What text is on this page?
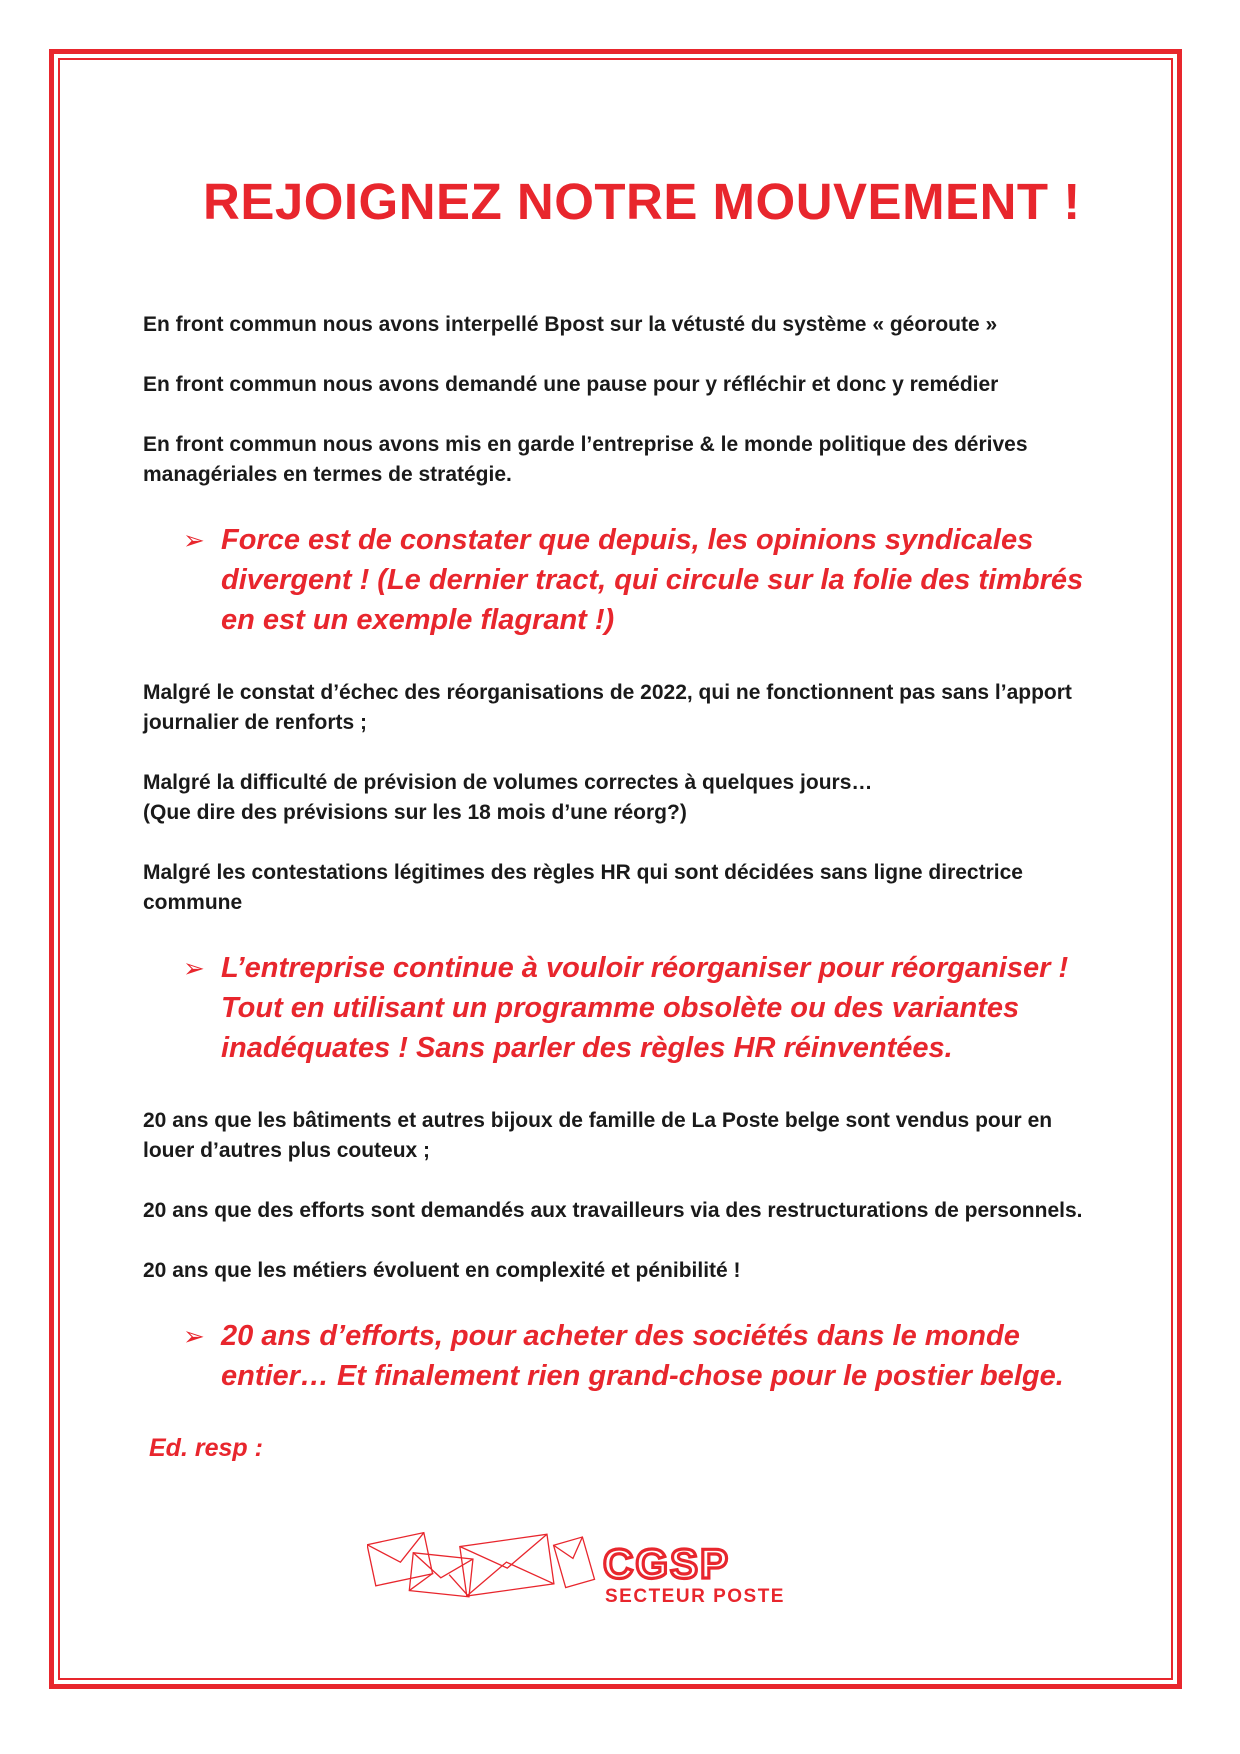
REJOIGNEZ NOTRE MOUVEMENT !

En front commun nous avons interpellé Bpost sur la vétusté du système « géoroute »

En front commun nous avons demandé une pause pour y réfléchir et donc y remédier

En front commun nous avons mis en garde l’entreprise & le monde politique des dérives managériales en termes de stratégie.

➢ Force est de constater que depuis, les opinions syndicales divergent ! (Le dernier tract, qui circule sur la folie des timbrés en est un exemple flagrant !)

Malgré le constat d’échec des réorganisations de 2022, qui ne fonctionnent pas sans l’apport journalier de renforts ;

Malgré la difficulté de prévision de volumes correctes à quelques jours…

(Que dire des prévisions sur les 18 mois d’une réorg?)

Malgré les contestations légitimes des règles HR qui sont décidées sans ligne directrice commune

➢ L’entreprise continue à vouloir réorganiser pour réorganiser ! Tout en utilisant un programme obsolète ou des variantes inadéquates ! Sans parler des règles HR réinventées.

20 ans que les bâtiments et autres bijoux de famille de La Poste belge sont vendus pour en louer d’autres plus couteux ;

20 ans que des efforts sont demandés aux travailleurs via des restructurations de personnels.

20 ans que les métiers évoluent en complexité et pénibilité !

➢ 20 ans d’efforts, pour acheter des sociétés dans le monde entier… Et finalement rien grand-chose pour le postier belge.
Ed. resp :
CGSP
SECTEUR POSTE
